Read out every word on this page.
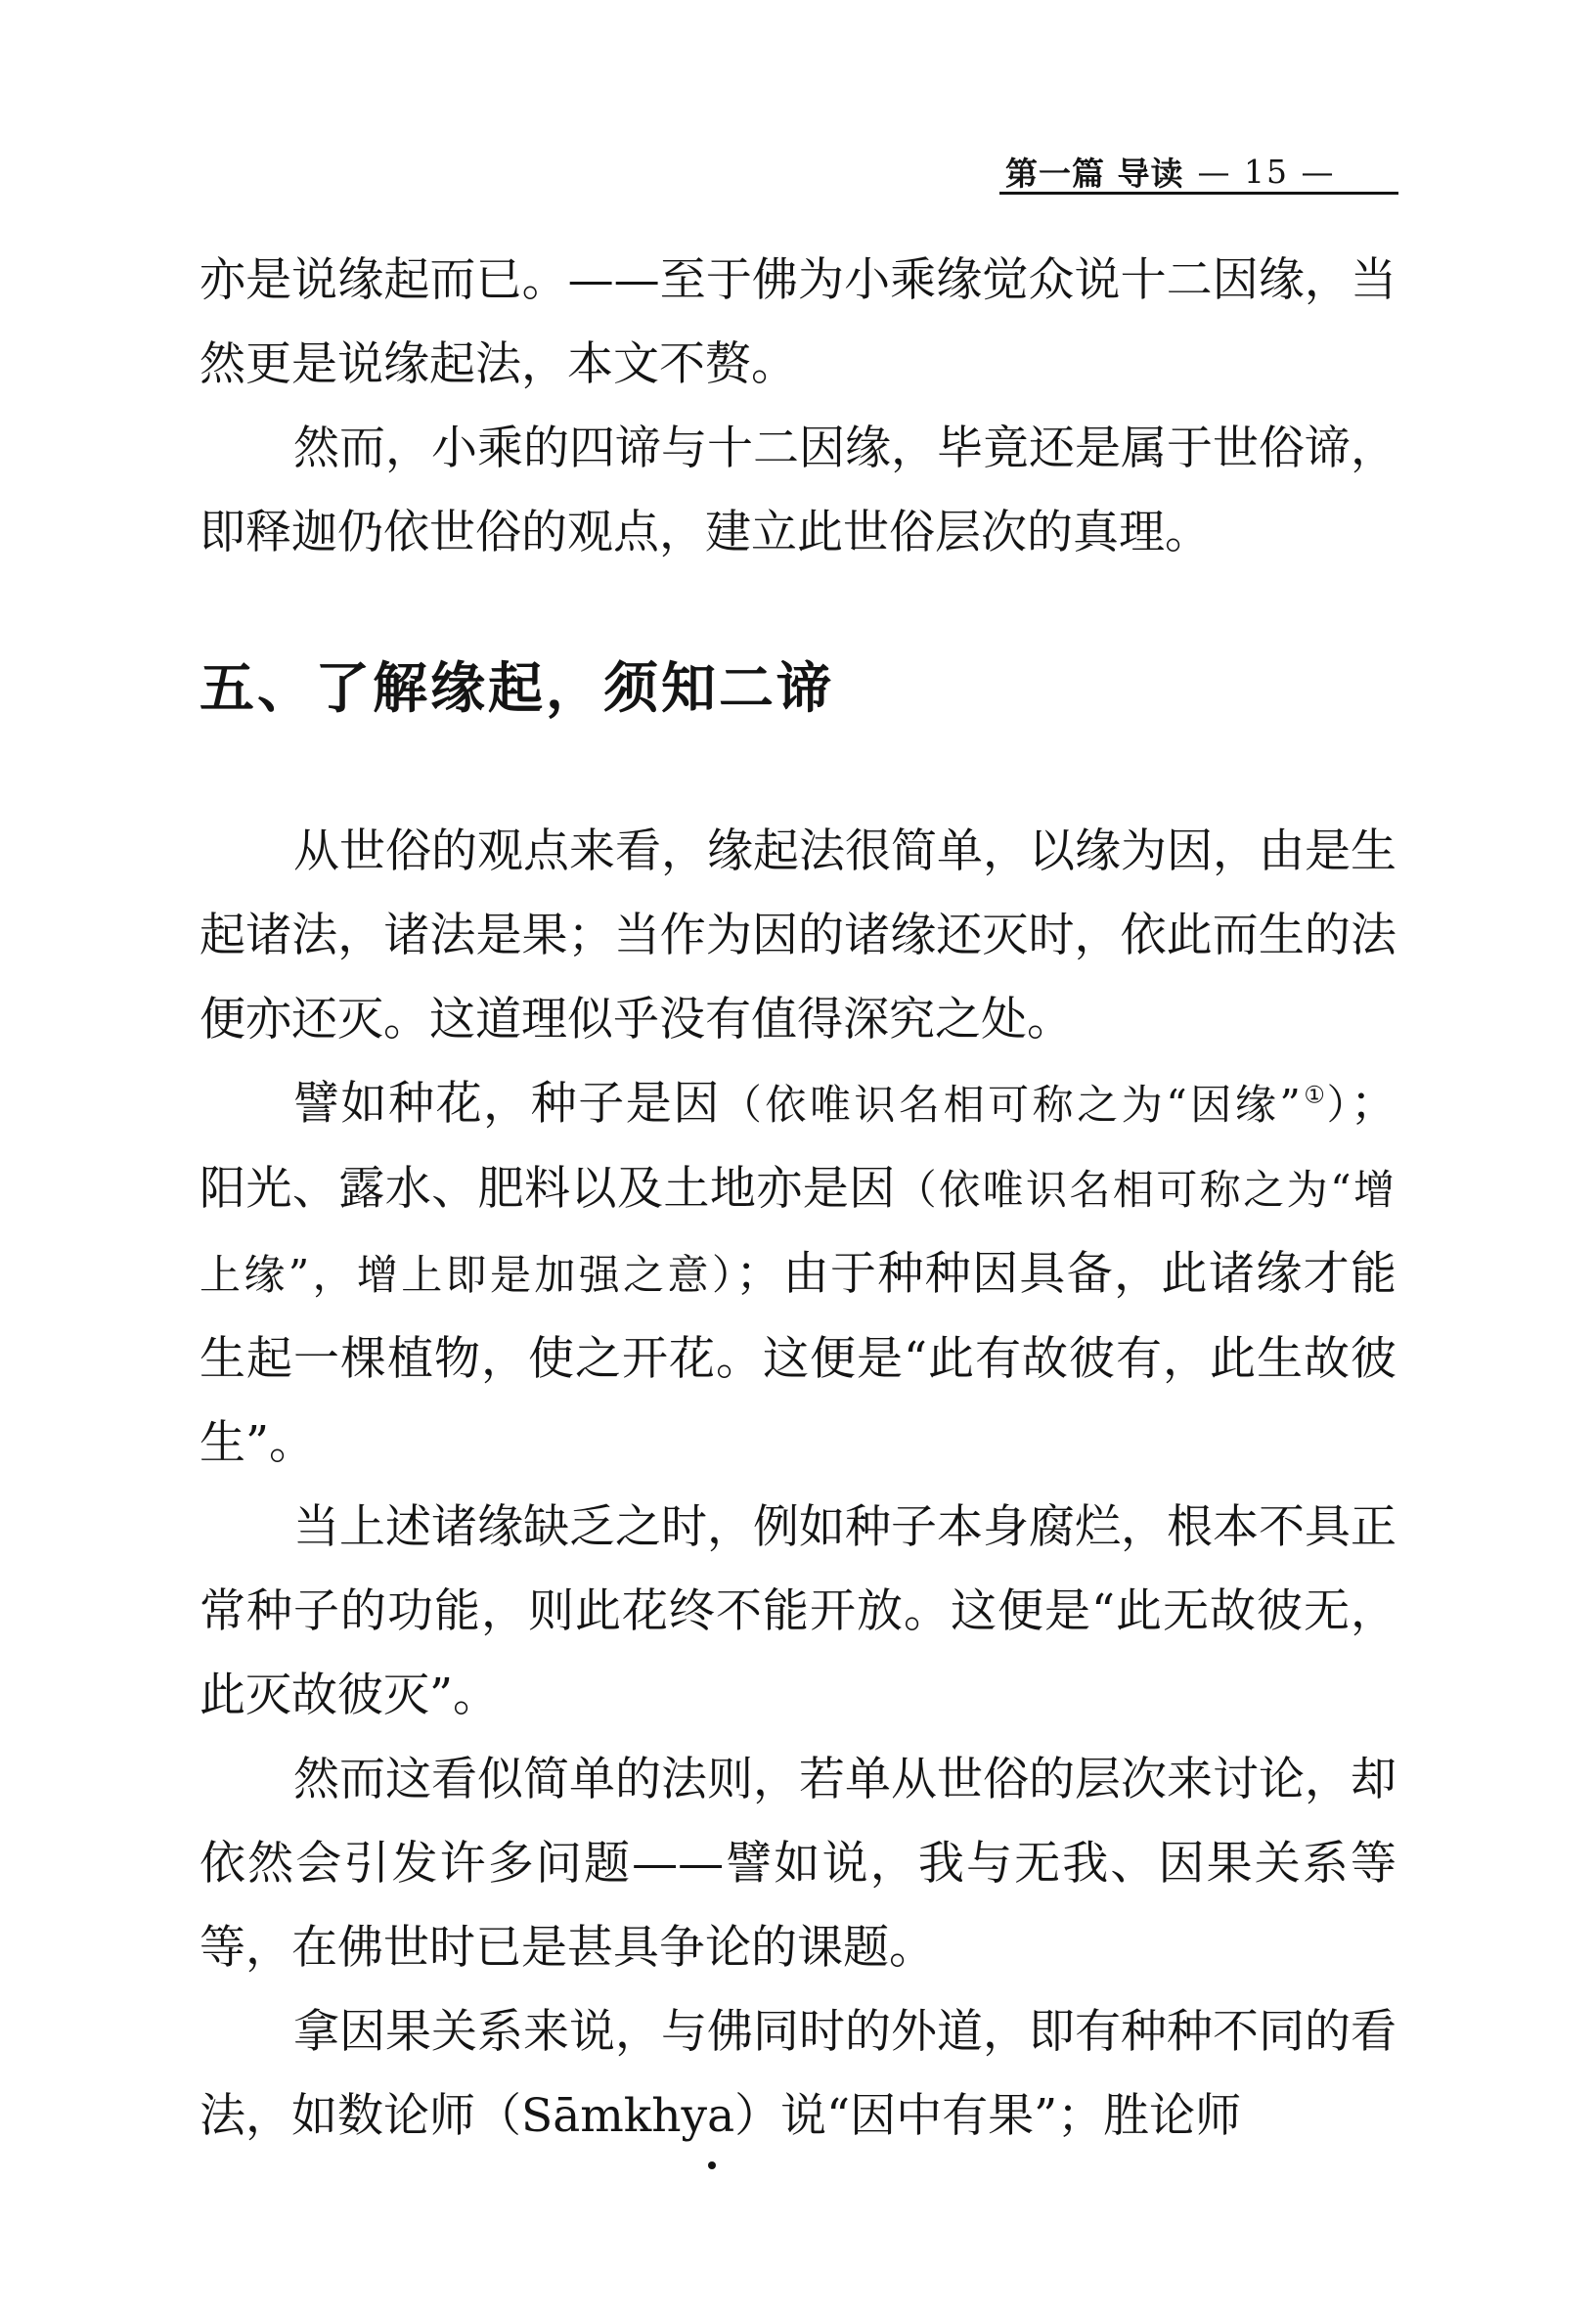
第一篇 导读 — 15 —

亦是说缘起而已。——至于佛为小乘缘觉众说十二因缘，当然更是说缘起法，本文不赘。

然而，小乘的四谛与十二因缘，毕竟还是属于世俗谛，即释迦仍依世俗的观点，建立此世俗层次的真理。

五、了解缘起，须知二谛

从世俗的观点来看，缘起法很简单，以缘为因，由是生起诸法，诸法是果；当作为因的诸缘还灭时，依此而生的法便亦还灭。这道理似乎没有值得深究之处。

譬如种花，种子是因（依唯识名相可称之为“因缘”①）；阳光、露水、肥料以及土地亦是因（依唯识名相可称之为“增上缘”，增上即是加强之意）；由于种种因具备，此诸缘才能生起一棵植物，使之开花。这便是“此有故彼有，此生故彼生”。

当上述诸缘缺乏之时，例如种子本身腐烂，根本不具正常种子的功能，则此花终不能开放。这便是“此无故彼无，此灭故彼灭”。

然而这看似简单的法则，若单从世俗的层次来讨论，却依然会引发许多问题——譬如说，我与无我、因果关系等等，在佛世时已是甚具争论的课题。

拿因果关系来说，与佛同时的外道，即有种种不同的看法，如数论师（Sāmkhya）说“因中有果”；胜论师
